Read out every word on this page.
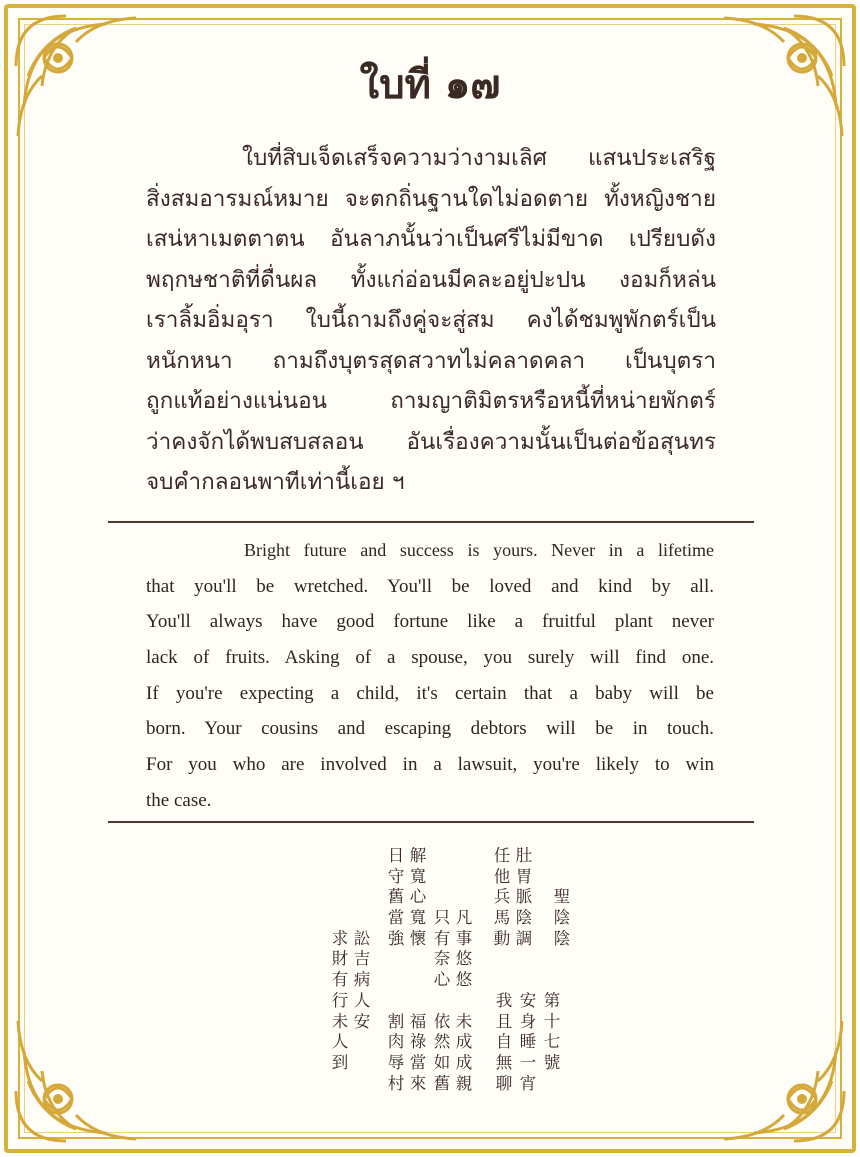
ใบที่ ๑๗
ใบที่สิบเจ็ดเสร็จความว่างามเลิศ แสนประเสริฐ
สิ่งสมอารมณ์หมาย จะตกถิ่นฐานใดไม่อดตาย ทั้งหญิงชาย
เสน่หาเมตตาตน อันลาภนั้นว่าเป็นศรีไม่มีขาด เปรียบดัง
พฤกษชาติที่ดื่นผล ทั้งแก่อ่อนมีคละอยู่ปะปน งอมก็หล่น
เราลิ้มอิ่มอุรา ใบนี้ถามถึงคู่จะสู่สม คงได้ชมพูพักตร์เป็น
หนักหนา ถามถึงบุตรสุดสวาทไม่คลาดคลา เป็นบุตรา
ถูกแท้อย่างแน่นอน ถามญาติมิตรหรือหนี้ที่หน่ายพักตร์
ว่าคงจักได้พบสบสลอน อันเรื่องความนั้นเป็นต่อข้อสุนทร
จบคำกลอนพาทีเท่านี้เอย ฯ
Bright future and success is yours. Never in a lifetime
that you'll be wretched. You'll be loved and kind by all.
You'll always have good fortune like a fruitful plant never
lack of fruits. Asking of a spouse, you surely will find one.
If you're expecting a child, it's certain that a baby will be
born. Your cousins and escaping debtors will be in touch.
For you who are involved in a lawsuit, you're likely to win
the case.
聖
陰
陰
肚
胃
脈
陰
調
任
他
兵
馬
動
第
十
七
號
安
身
睡
一
宵
我
且
自
無
聊
凡
事
悠
悠
只
有
奈
心
未
成
成
親
依
然
如
舊
解
寬
心
寬
懷
日
守
舊
當
強
福
祿
當
來
割
肉
辱
村
訟
吉
病
人
安
求
財
有
行
未
人
到
